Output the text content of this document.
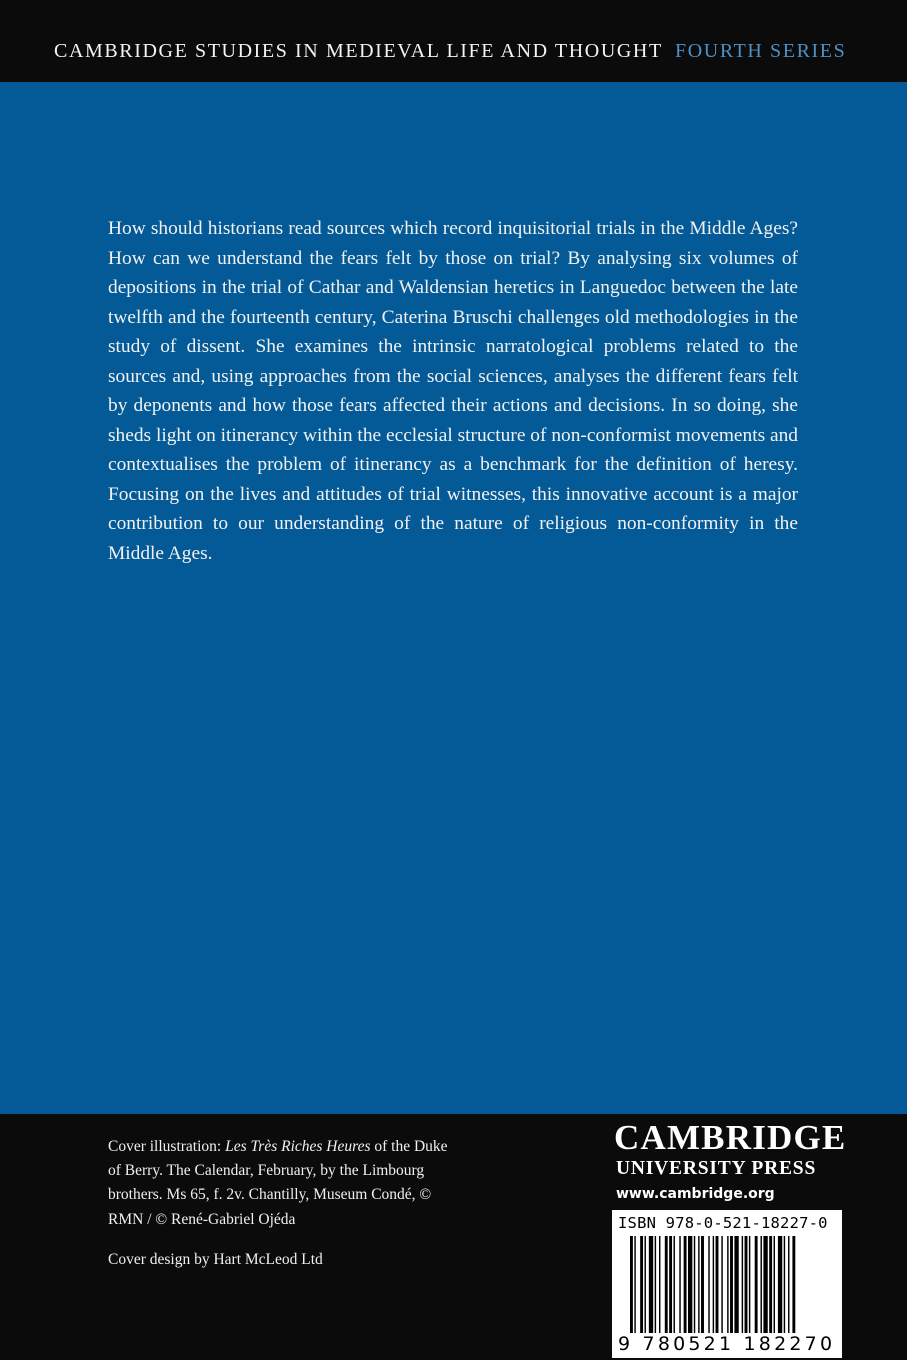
CAMBRIDGE STUDIES IN MEDIEVAL LIFE AND THOUGHT FOURTH SERIES

How should historians read sources which record inquisitorial trials in the Middle Ages? How can we understand the fears felt by those on trial? By analysing six volumes of depositions in the trial of Cathar and Waldensian heretics in Languedoc between the late twelfth and the fourteenth century, Caterina Bruschi challenges old methodologies in the study of dissent. She examines the intrinsic narratological problems related to the sources and, using approaches from the social sciences, analyses the different fears felt by deponents and how those fears affected their actions and decisions. In so doing, she sheds light on itinerancy within the ecclesial structure of non-conformist movements and contextualises the problem of itinerancy as a benchmark for the definition of heresy. Focusing on the lives and attitudes of trial witnesses, this innovative account is a major contribution to our understanding of the nature of religious non-conformity in the Middle Ages.

Cover illustration: Les Très Riches Heures of the Duke of Berry. The Calendar, February, by the Limbourg brothers. Ms 65, f. 2v. Chantilly, Museum Condé, © RMN / © René-Gabriel Ojéda

Cover design by Hart McLeod Ltd

CAMBRIDGE
UNIVERSITY PRESS
www.cambridge.org
ISBN 978-0-521-18227-0
9 780521 182270
